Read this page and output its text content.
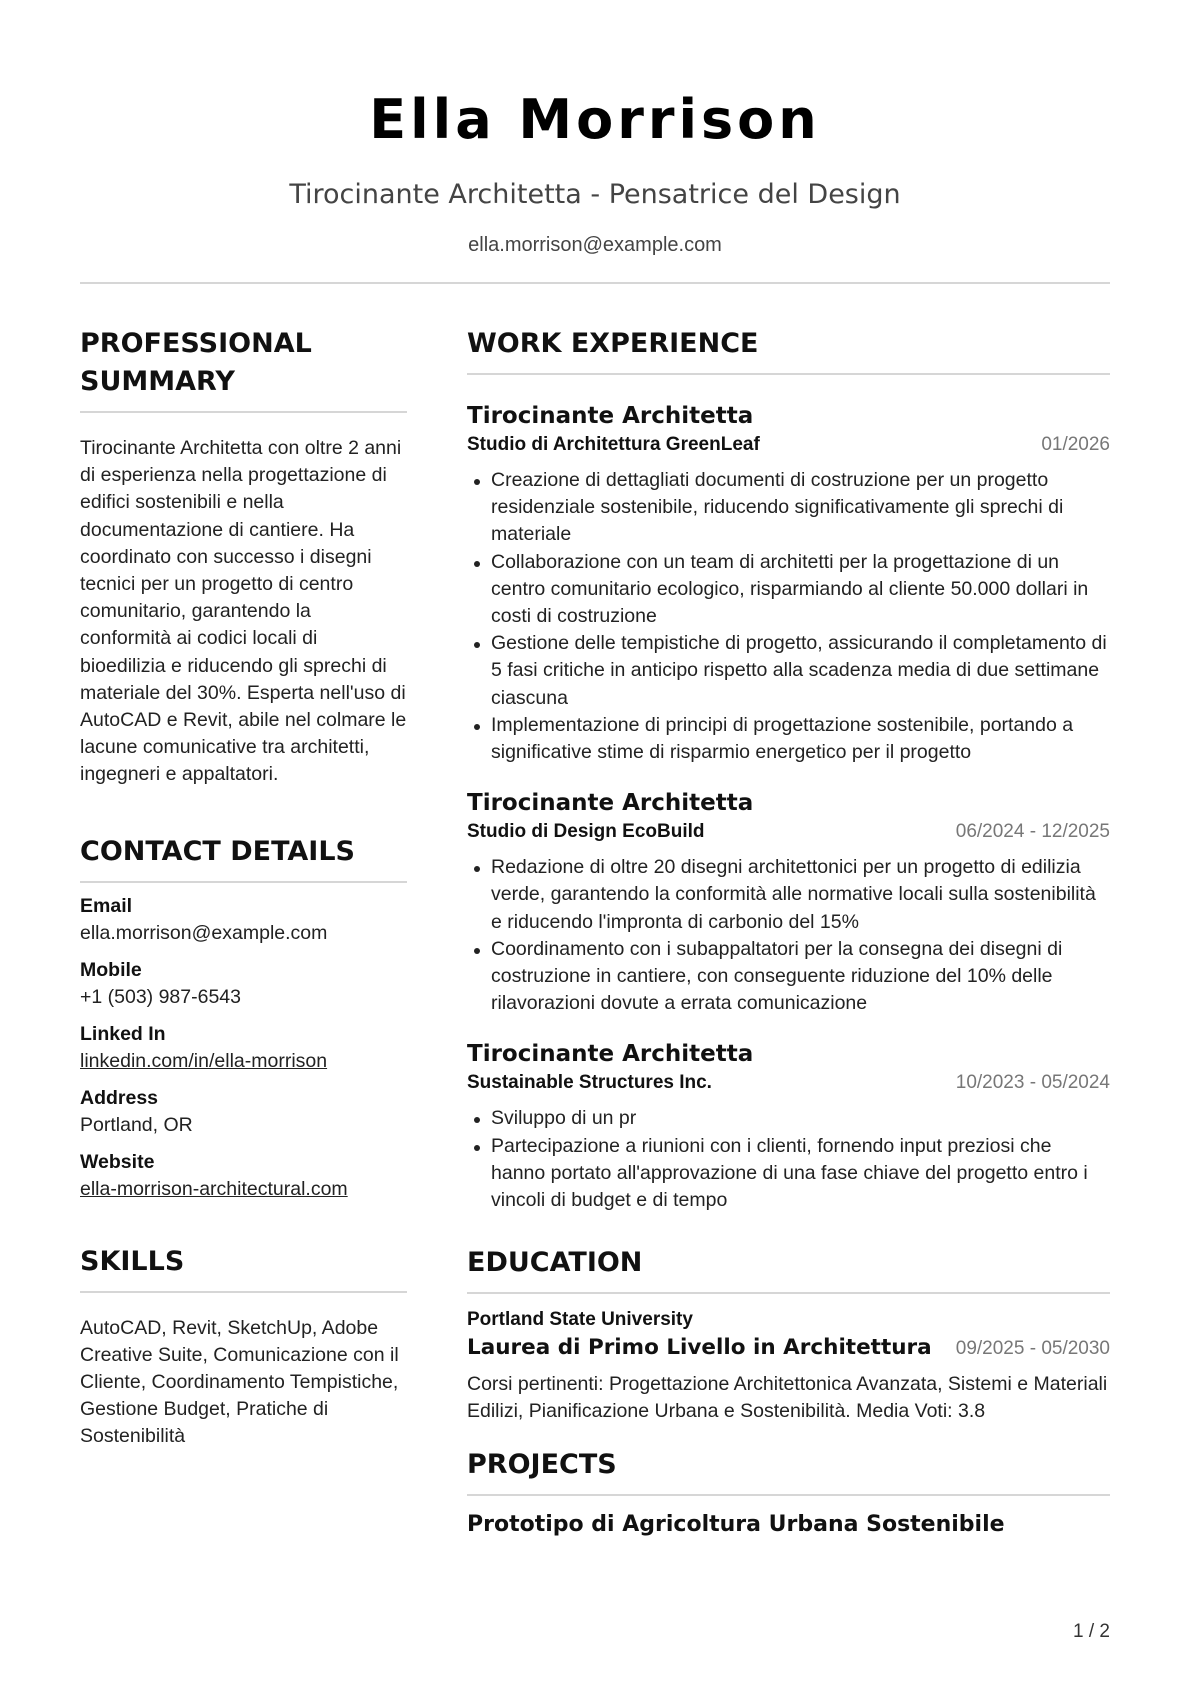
Ella Morrison
Tirocinante Architetta - Pensatrice del Design
ella.morrison@example.com
PROFESSIONAL
SUMMARY
Tirocinante Architetta con oltre 2 anni di esperienza nella progettazione di edifici sostenibili e nella documentazione di cantiere. Ha coordinato con successo i disegni tecnici per un progetto di centro comunitario, garantendo la conformità ai codici locali di bioedilizia e riducendo gli sprechi di materiale del 30%. Esperta nell'uso di AutoCAD e Revit, abile nel colmare le lacune comunicative tra architetti, ingegneri e appaltatori.
CONTACT DETAILS
Email
ella.morrison@example.com
Mobile
+1 (503) 987-6543
Linked In
linkedin.com/in/ella-morrison
Address
Portland, OR
Website
ella-morrison-architectural.com
SKILLS
AutoCAD, Revit, SketchUp, Adobe Creative Suite, Comunicazione con il Cliente, Coordinamento Tempistiche, Gestione Budget, Pratiche di Sostenibilità
WORK EXPERIENCE
Tirocinante Architetta
Studio di Architettura GreenLeaf	01/2026
Creazione di dettagliati documenti di costruzione per un progetto residenziale sostenibile, riducendo significativamente gli sprechi di materiale
Collaborazione con un team di architetti per la progettazione di un centro comunitario ecologico, risparmiando al cliente 50.000 dollari in costi di costruzione
Gestione delle tempistiche di progetto, assicurando il completamento di 5 fasi critiche in anticipo rispetto alla scadenza media di due settimane ciascuna
Implementazione di principi di progettazione sostenibile, portando a significative stime di risparmio energetico per il progetto
Tirocinante Architetta
Studio di Design EcoBuild	06/2024 - 12/2025
Redazione di oltre 20 disegni architettonici per un progetto di edilizia verde, garantendo la conformità alle normative locali sulla sostenibilità e riducendo l'impronta di carbonio del 15%
Coordinamento con i subappaltatori per la consegna dei disegni di costruzione in cantiere, con conseguente riduzione del 10% delle rilavorazioni dovute a errata comunicazione
Tirocinante Architetta
Sustainable Structures Inc.	10/2023 - 05/2024
Sviluppo di un pr
Partecipazione a riunioni con i clienti, fornendo input preziosi che hanno portato all'approvazione di una fase chiave del progetto entro i vincoli di budget e di tempo
EDUCATION
Portland State University
Laurea di Primo Livello in Architettura 09/2025 - 05/2030
Corsi pertinenti: Progettazione Architettonica Avanzata, Sistemi e Materiali Edilizi, Pianificazione Urbana e Sostenibilità. Media Voti: 3.8
PROJECTS
Prototipo di Agricoltura Urbana Sostenibile
1 / 2
